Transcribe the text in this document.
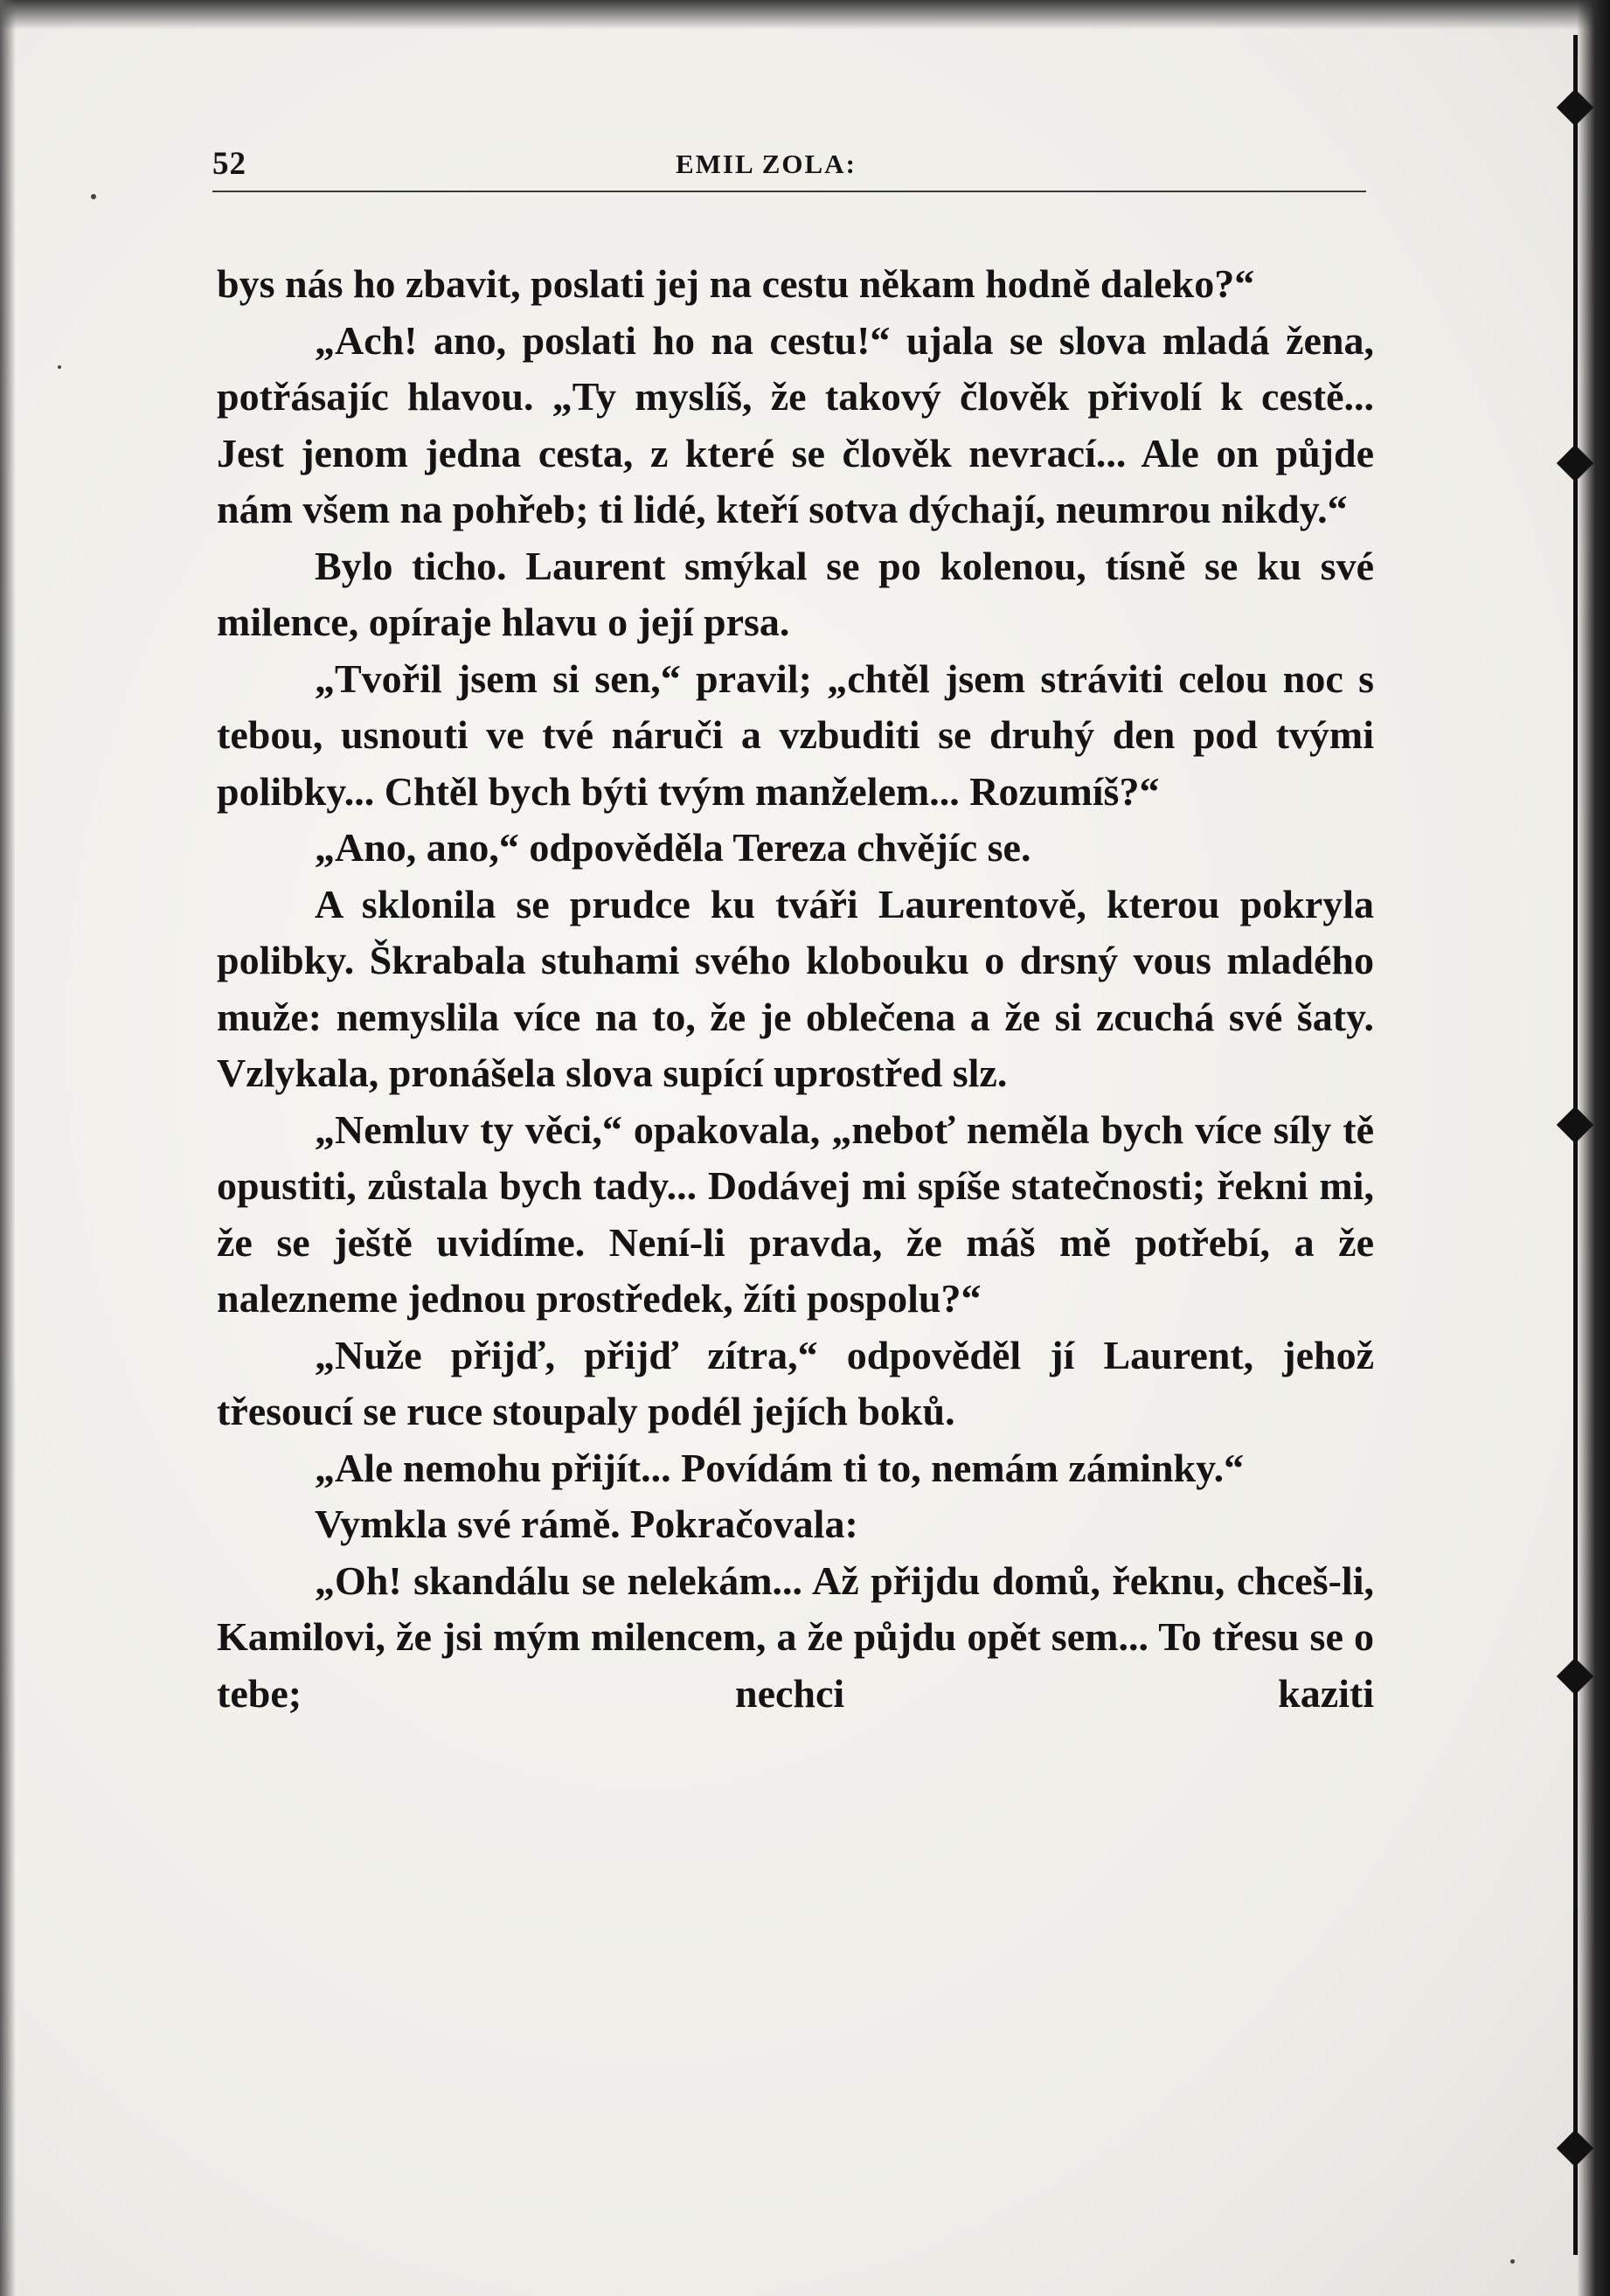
52	EMIL ZOLA:

bys nás ho zbavit, poslati jej na cestu někam hodně daleko?“

„Ach! ano, poslati ho na cestu!“ ujala se slova mladá žena, potřásajíc hlavou. „Ty myslíš, že takový člověk přivolí k cestě... Jest jenom jedna cesta, z které se člověk nevrací... Ale on půjde nám všem na pohřeb; ti lidé, kteří sotva dýchají, neumrou nikdy.“

Bylo ticho. Laurent smýkal se po kolenou, tísně se ku své milence, opíraje hlavu o její prsa.

„Tvořil jsem si sen,“ pravil; „chtěl jsem stráviti celou noc s tebou, usnouti ve tvé náruči a vzbuditi se druhý den pod tvými polibky... Chtěl bych býti tvým manželem... Rozumíš?“

„Ano, ano,“ odpověděla Tereza chvějíc se.

A sklonila se prudce ku tváři Laurentově, kterou pokryla polibky. Škrabala stuhami svého klobouku o drsný vous mladého muže: nemyslila více na to, že je oblečena a že si zcuchá své šaty. Vzlykala, pronášela slova supící uprostřed slz.

„Nemluv ty věci,“ opakovala, „neboť neměla bych více síly tě opustiti, zůstala bych tady... Dodávej mi spíše statečnosti; řekni mi, že se ještě uvidíme. Není-li pravda, že máš mě potřebí, a že nalezneme jednou prostředek, žíti pospolu?“

„Nuže přijď, přijď zítra,“ odpověděl jí Laurent, jehož třesoucí se ruce stoupaly podél jejích boků.

„Ale nemohu přijít... Povídám ti to, nemám záminky.“

Vymkla své rámě. Pokračovala:

„Oh! skandálu se nelekám... Až přijdu domů, řeknu, chceš-li, Kamilovi, že jsi mým milencem, a že půjdu opět sem... To třesu se o tebe; nechci kaziti
